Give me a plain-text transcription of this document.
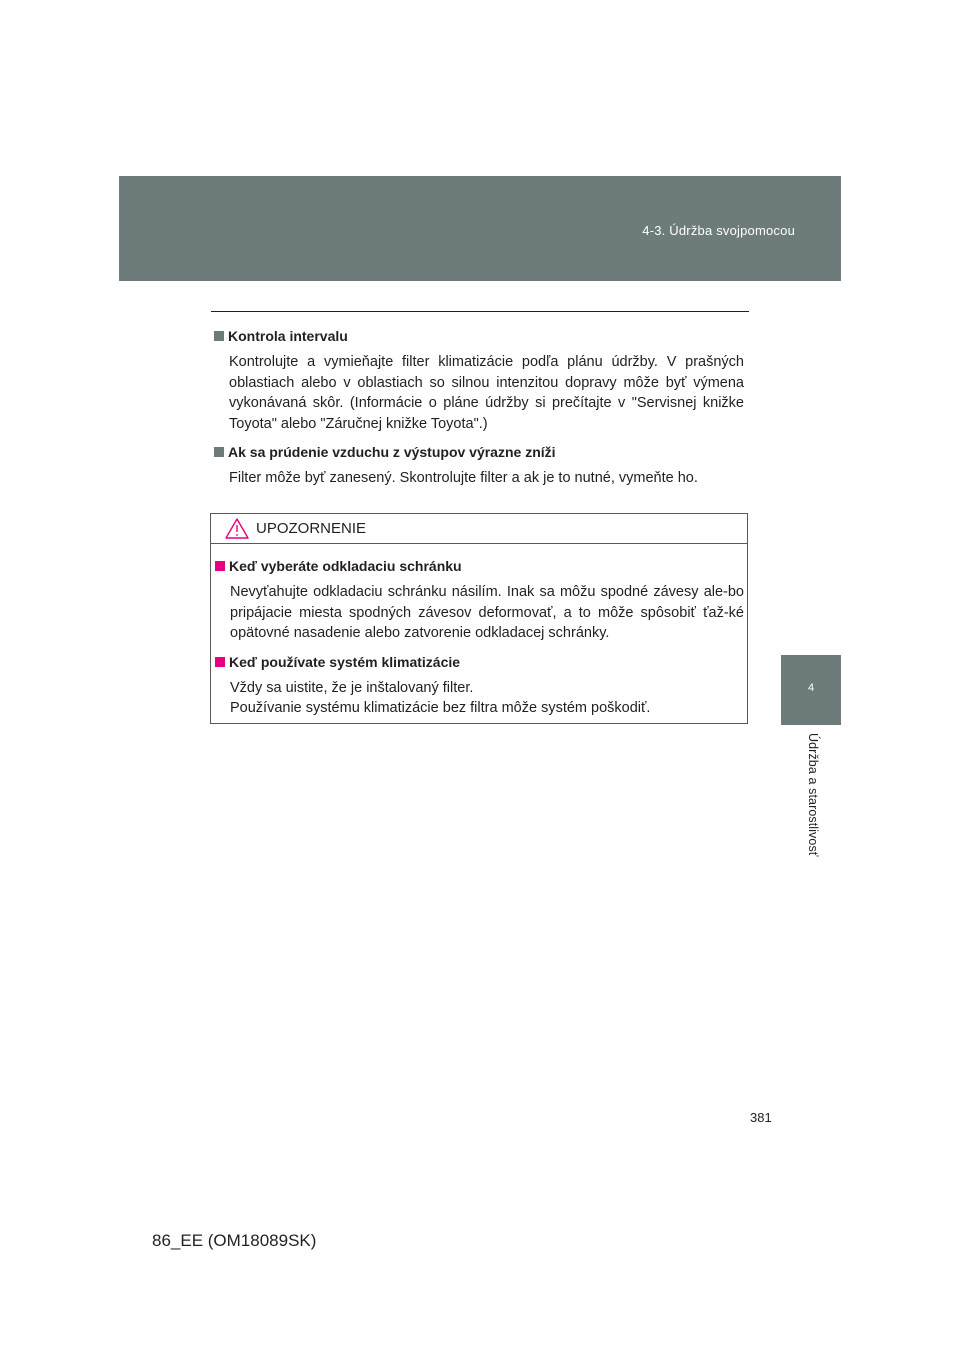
4-3. Údržba svojpomocou
4
Údržba a starostlivosť

Kontrola intervalu

Kontrolujte a vymieňajte filter klimatizácie podľa plánu údržby. V prašných oblastiach alebo v oblastiach so silnou intenzitou dopravy môže byť výmena vykonávaná skôr. (Informácie o pláne údržby si prečítajte v "Servisnej knižke Toyota" alebo "Záručnej knižke Toyota".)

Ak sa prúdenie vzduchu z výstupov výrazne zníži

Filter môže byť zanesený. Skontrolujte filter a ak je to nutné, vymeňte ho.

UPOZORNENIE

Keď vyberáte odkladaciu schránku

Nevyťahujte odkladaciu schránku násilím. Inak sa môžu spodné závesy ale-bo pripájacie miesta spodných závesov deformovať, a to môže spôsobiť ťaž-ké opätovné nasadenie alebo zatvorenie odkladacej schránky.

Keď používate systém klimatizácie

Vždy sa uistite, že je inštalovaný filter.
Používanie systému klimatizácie bez filtra môže systém poškodiť.

381
86_EE (OM18089SK)
